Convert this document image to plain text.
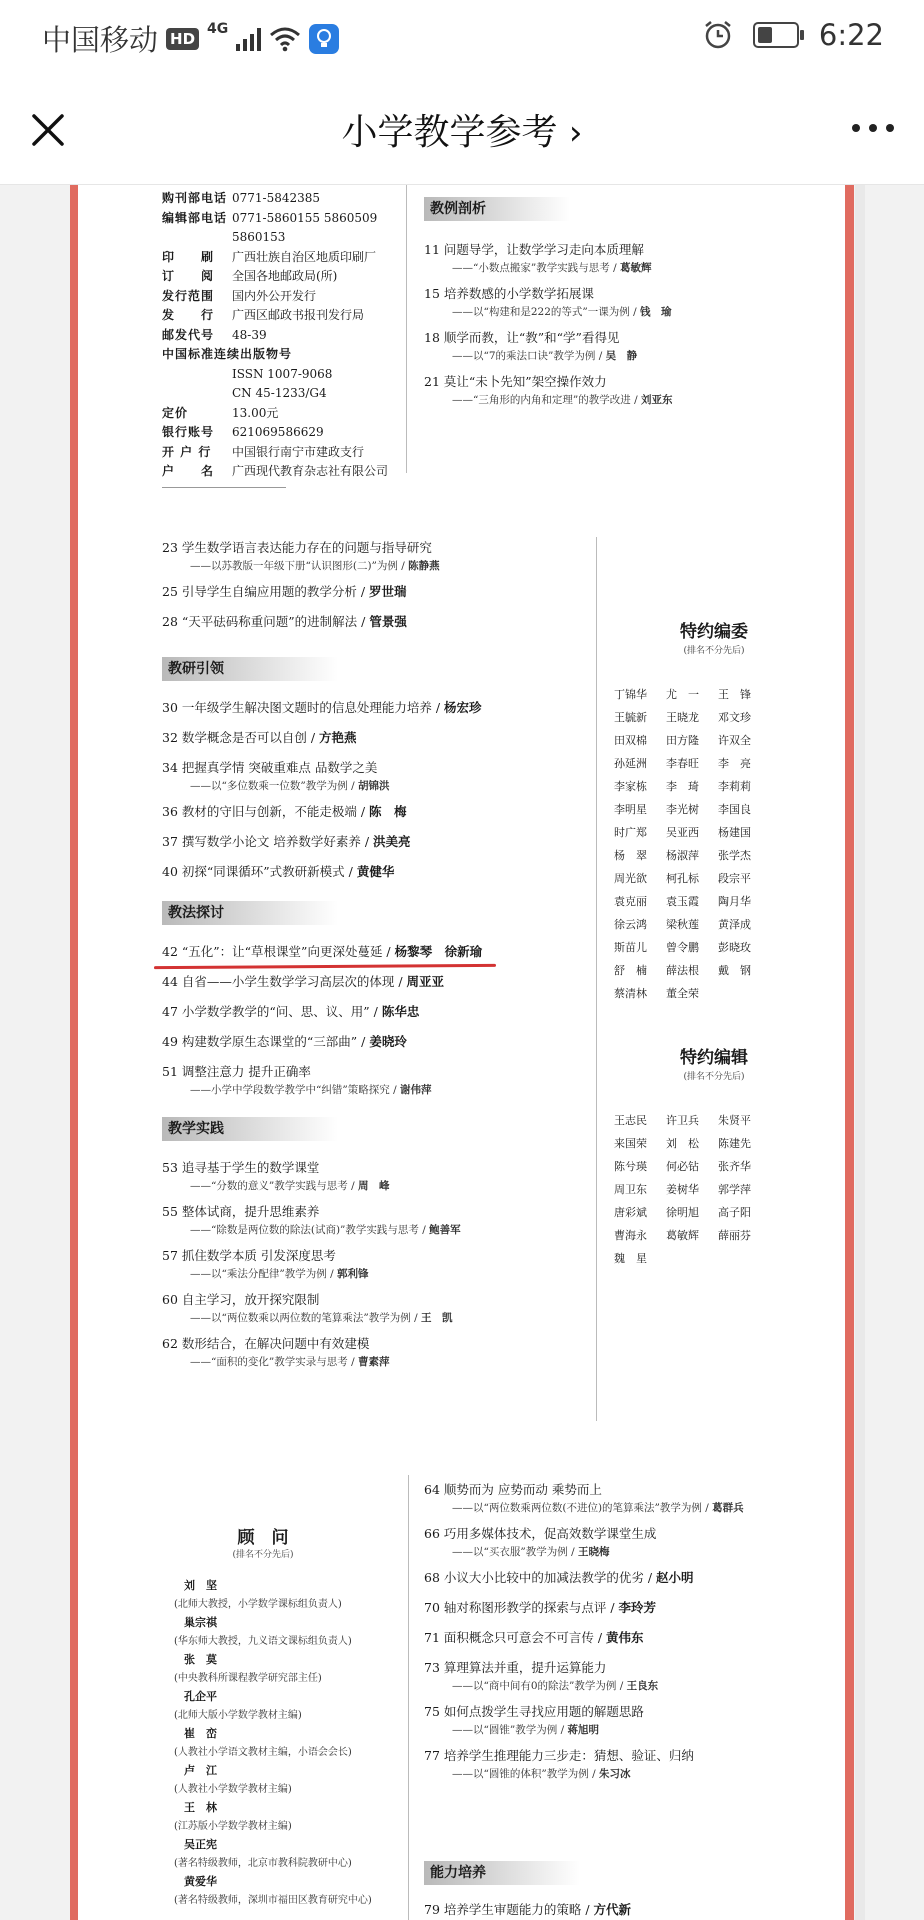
中国移动 HD
4G	6:22
小学教学参考 ›
购刊部电话 0771-5842385
编辑部电话 0771-5860155 5860509
5860153
印　　刷	广西壮族自治区地质印刷厂
订　　阅	全国各地邮政局(所)
发行范围	国内外公开发行
发　　行	广西区邮政书报刊发行局
邮发代号	48-39
中国标准连续出版物号
ISSN 1007-9068
CN 45-1233/G4
定价	13.00元
银行账号	621069586629
开 户 行	中国银行南宁市建政支行
户　　名	广西现代教育杂志社有限公司
教例剖析
11 问题导学，让数学学习走向本质理解
——“小数点搬家”教学实践与思考 / 葛敏辉
15 培养数感的小学数学拓展课
——以“构建和是222的等式”一课为例 / 钱　瑜
18 顺学而教，让“教”和“学”看得见
——以“7的乘法口诀”教学为例 / 吴　静
21 莫让“未卜先知”架空操作效力
——“三角形的内角和定理”的教学改进 / 刘亚东
23 学生数学语言表达能力存在的问题与指导研究
——以苏教版一年级下册“认识图形(二)”为例 / 陈静燕
25 引导学生自编应用题的教学分析 / 罗世瑞
28 “天平砝码称重问题”的进制解法 / 管景强
教研引领
30 一年级学生解决图文题时的信息处理能力培养 / 杨宏珍
32 数学概念是否可以自创 / 方艳燕
34 把握真学情 突破重难点 品数学之美
——以“多位数乘一位数”教学为例 / 胡锦洪
36 教材的守旧与创新，不能走极端 / 陈　梅
37 撰写数学小论文 培养数学好素养 / 洪美亮
40 初探“同课循环”式教研新模式 / 黄健华
教法探讨
42 “五化”：让“草根课堂”向更深处蔓延 / 杨黎琴　徐新瑜
44 自省——小学生数学学习高层次的体现 / 周亚亚
47 小学数学教学的“问、思、议、用” / 陈华忠
49 构建数学原生态课堂的“三部曲” / 姜晓玲
51 调整注意力 提升正确率
——小学中学段数学教学中“纠错”策略探究 / 谢伟萍
教学实践
53 追寻基于学生的数学课堂
——“分数的意义”教学实践与思考 / 周　峰
55 整体试商，提升思维素养
——“除数是两位数的除法(试商)”教学实践与思考 / 鲍善军
57 抓住数学本质 引发深度思考
——以“乘法分配律”教学为例 / 郭利锋
60 自主学习，放开探究限制
——以“两位数乘以两位数的笔算乘法”教学为例 / 王　凯
62 数形结合，在解决问题中有效建模
——“面积的变化”教学实录与思考 / 曹素萍
特约编委
(排名不分先后)
丁锦华	尤　一	王　锋
王毓新	王晓龙	邓文珍
田双棉	田方隆	许双全
孙延洲	李春旺	李　亮
李家栋	李　琦	李莉莉
李明星	李光树	李国良
时广郑	吴亚西	杨建国
杨　翠	杨淑萍	张学杰
周光欲	柯孔标	段宗平
袁克丽	袁玉霞	陶月华
徐云鸿	梁秋莲	黄泽成
斯苗儿	曾令鹏	彭晓玫
舒　楠	薛法根	戴　钢
蔡清林	董全荣
特约编辑
(排名不分先后)
王志民	许卫兵	朱贤平
来国荣	刘　松	陈建先
陈兮瑛	何必钻	张齐华
周卫东	姜树华	郭学萍
唐彩斌	徐明旭	高子阳
曹海永	葛敏辉	薛丽芬
魏　星
顾　问
(排名不分先后)
刘　坚
(北师大教授，小学数学课标组负责人)
巢宗祺
(华东师大教授，九义语文课标组负责人)
张　莫
(中央教科所课程教学研究部主任)
孔企平
(北师大版小学数学教材主编)
崔　峦
(人教社小学语文教材主编，小语会会长)
卢　江
(人教社小学数学教材主编)
王　林
(江苏版小学数学教材主编)
吴正宪
(著名特级教师，北京市教科院教研中心)
黄爱华
(著名特级教师，深圳市福田区教育研究中心)
64 顺势而为 应势而动 乘势而上
——以“两位数乘两位数(不进位)的笔算乘法”教学为例 / 葛群兵
66 巧用多媒体技术，促高效数学课堂生成
——以“买衣服”教学为例 / 王晓梅
68 小议大小比较中的加减法教学的优劣 / 赵小明
70 轴对称图形教学的探索与点评 / 李玲芳
71 面积概念只可意会不可言传 / 黄伟东
73 算理算法并重，提升运算能力
——以“商中间有0的除法”教学为例 / 王良东
75 如何点拨学生寻找应用题的解题思路
——以“圆锥”教学为例 / 蒋旭明
77 培养学生推理能力三步走：猜想、验证、归纳
——以“圆锥的体积”教学为例 / 朱习冰
能力培养
79 培养学生审题能力的策略 / 方代新
